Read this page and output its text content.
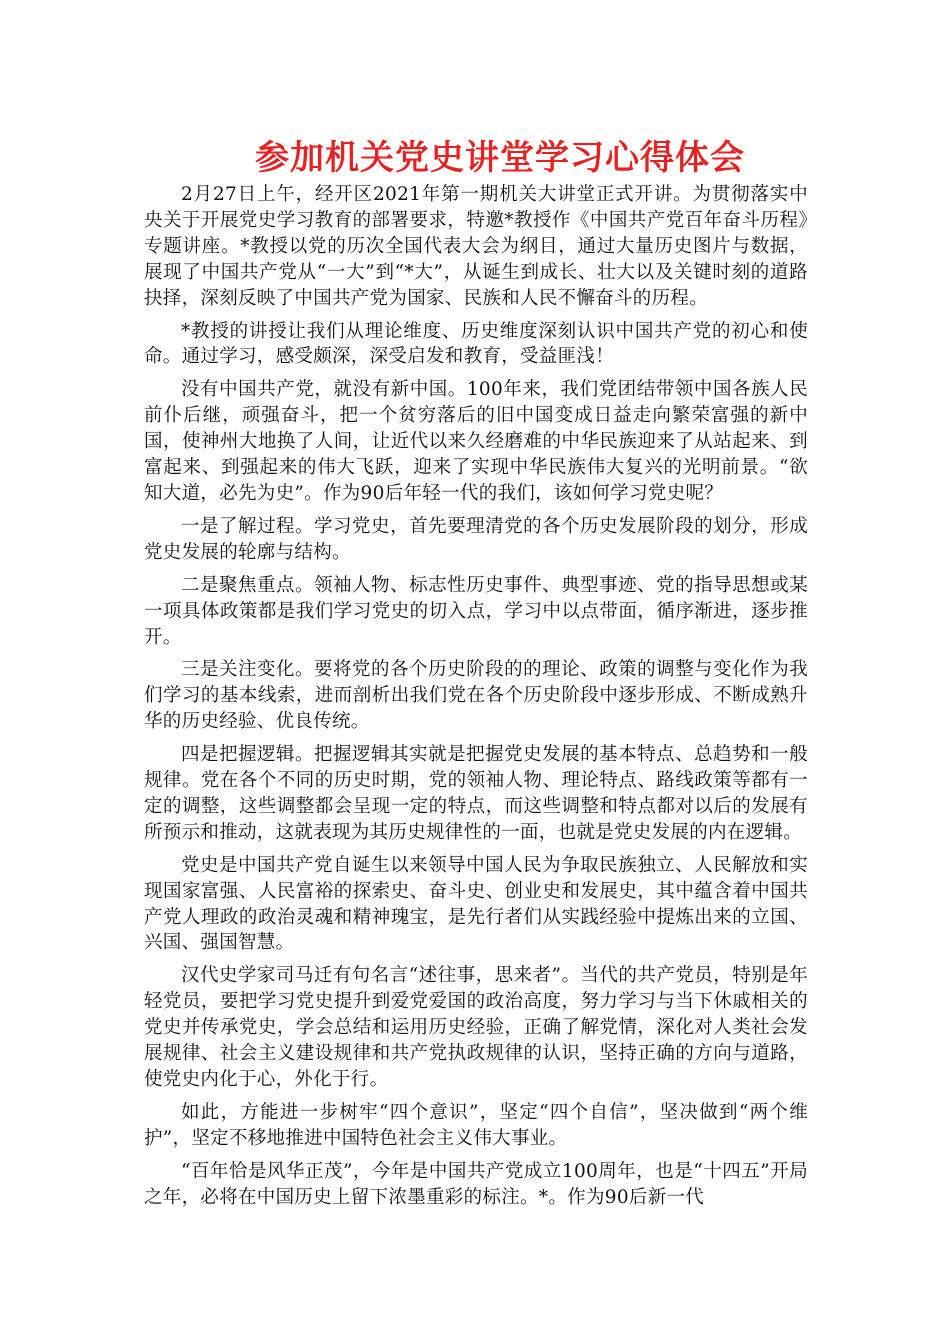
参加机关党史讲堂学习心得体会

2月27日上午，经开区2021年第一期机关大讲堂正式开讲。为贯彻落实中央关于开展党史学习教育的部署要求，特邀*教授作《中国共产党百年奋斗历程》专题讲座。*教授以党的历次全国代表大会为纲目，通过大量历史图片与数据，展现了中国共产党从“一大”到“*大”，从诞生到成长、壮大以及关键时刻的道路抉择，深刻反映了中国共产党为国家、民族和人民不懈奋斗的历程。

*教授的讲授让我们从理论维度、历史维度深刻认识中国共产党的初心和使命。通过学习，感受颇深，深受启发和教育，受益匪浅！

没有中国共产党，就没有新中国。100年来，我们党团结带领中国各族人民前仆后继，顽强奋斗，把一个贫穷落后的旧中国变成日益走向繁荣富强的新中国，使神州大地换了人间，让近代以来久经磨难的中华民族迎来了从站起来、到富起来、到强起来的伟大飞跃，迎来了实现中华民族伟大复兴的光明前景。“欲知大道，必先为史”。作为90后年轻一代的我们，该如何学习党史呢？

一是了解过程。学习党史，首先要理清党的各个历史发展阶段的划分，形成党史发展的轮廓与结构。

二是聚焦重点。领袖人物、标志性历史事件、典型事迹、党的指导思想或某一项具体政策都是我们学习党史的切入点，学习中以点带面，循序渐进，逐步推开。

三是关注变化。要将党的各个历史阶段的的理论、政策的调整与变化作为我们学习的基本线索，进而剖析出我们党在各个历史阶段中逐步形成、不断成熟升华的历史经验、优良传统。

四是把握逻辑。把握逻辑其实就是把握党史发展的基本特点、总趋势和一般规律。党在各个不同的历史时期，党的领袖人物、理论特点、路线政策等都有一定的调整，这些调整都会呈现一定的特点，而这些调整和特点都对以后的发展有所预示和推动，这就表现为其历史规律性的一面，也就是党史发展的内在逻辑。

党史是中国共产党自诞生以来领导中国人民为争取民族独立、人民解放和实现国家富强、人民富裕的探索史、奋斗史、创业史和发展史，其中蕴含着中国共产党人理政的政治灵魂和精神瑰宝，是先行者们从实践经验中提炼出来的立国、兴国、强国智慧。

汉代史学家司马迁有句名言“述往事，思来者”。当代的共产党员，特别是年轻党员，要把学习党史提升到爱党爱国的政治高度，努力学习与当下休戚相关的党史并传承党史，学会总结和运用历史经验，正确了解党情，深化对人类社会发展规律、社会主义建设规律和共产党执政规律的认识，坚持正确的方向与道路，使党史内化于心，外化于行。

如此，方能进一步树牢“四个意识”，坚定“四个自信”，坚决做到“两个维护”，坚定不移地推进中国特色社会主义伟大事业。

“百年恰是风华正茂”，今年是中国共产党成立100周年，也是“十四五”开局之年，必将在中国历史上留下浓墨重彩的标注。*。作为90后新一代
